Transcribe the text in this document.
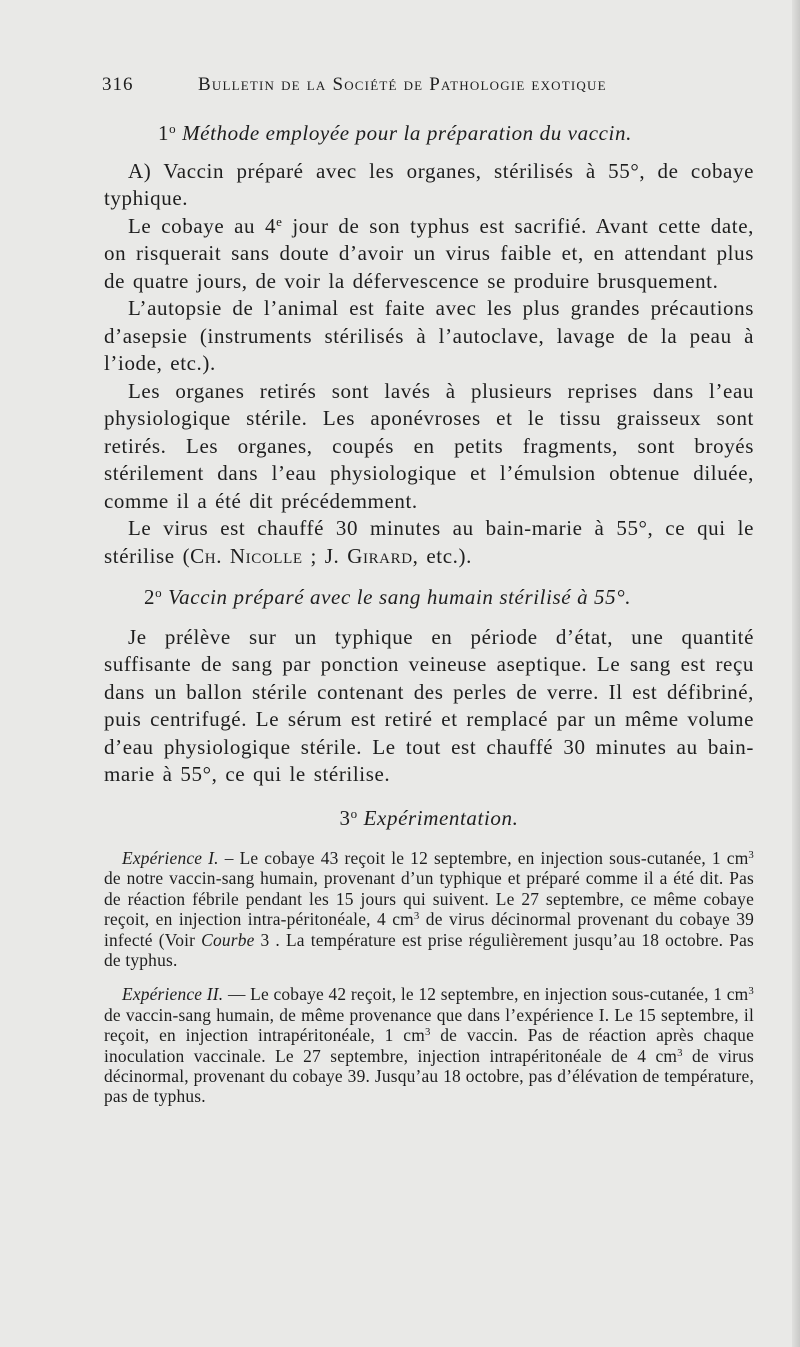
316	Bulletin de la Société de Pathologie exotique

1$^o$ Méthode employée pour la préparation du vaccin.

A) Vaccin préparé avec les organes, stérilisés à 55°, de cobaye typhique.

Le cobaye au 4e jour de son typhus est sacrifié. Avant cette date, on risquerait sans doute d’avoir un virus faible et, en attendant plus de quatre jours, de voir la défervescence se produire brusquement.

L’autopsie de l’animal est faite avec les plus grandes précautions d’asepsie (instruments stérilisés à l’autoclave, lavage de la peau à l’iode, etc.).

Les organes retirés sont lavés à plusieurs reprises dans l’eau physiologique stérile. Les aponévroses et le tissu graisseux sont retirés. Les organes, coupés en petits fragments, sont broyés stérilement dans l’eau physiologique et l’émulsion obtenue diluée, comme il a été dit précédemment.

Le virus est chauffé 30 minutes au bain-marie à 55°, ce qui le stérilise (Ch. Nicolle ; J. Girard, etc.).

2$^o$ Vaccin préparé avec le sang humain stérilisé à 55°.

Je prélève sur un typhique en période d’état, une quantité suffisante de sang par ponction veineuse aseptique. Le sang est reçu dans un ballon stérile contenant des perles de verre. Il est défibriné, puis centrifugé. Le sérum est retiré et remplacé par un même volume d’eau physiologique stérile. Le tout est chauffé 30 minutes au bain-marie à 55°, ce qui le stérilise.

3$^o$ Expérimentation.

Expérience I. – Le cobaye 43 reçoit le 12 septembre, en injection sous-cutanée, 1 $cm^3$ de notre vaccin-sang humain, provenant d’un typhique et préparé comme il a été dit. Pas de réaction fébrile pendant les 15 jours qui suivent. Le 27 septembre, ce même cobaye reçoit, en injection intra-péritonéale, 4 $cm^3$ de virus décinormal provenant du cobaye 39 infecté (Voir Courbe 3 . La température est prise régulièrement jusqu’au 18 octobre. Pas de typhus.

Expérience II. — Le cobaye 42 reçoit, le 12 septembre, en injection sous-cutanée, 1 $cm^3$ de vaccin-sang humain, de même provenance que dans l’expérience I. Le 15 septembre, il reçoit, en injection intrapéritonéale, 1 $cm^3$ de vaccin. Pas de réaction après chaque inoculation vaccinale. Le 27 septembre, injection intrapéritonéale de 4 $cm^3$ de virus décinormal, provenant du cobaye 39. Jusqu’au 18 octobre, pas d’élévation de température, pas de typhus.
